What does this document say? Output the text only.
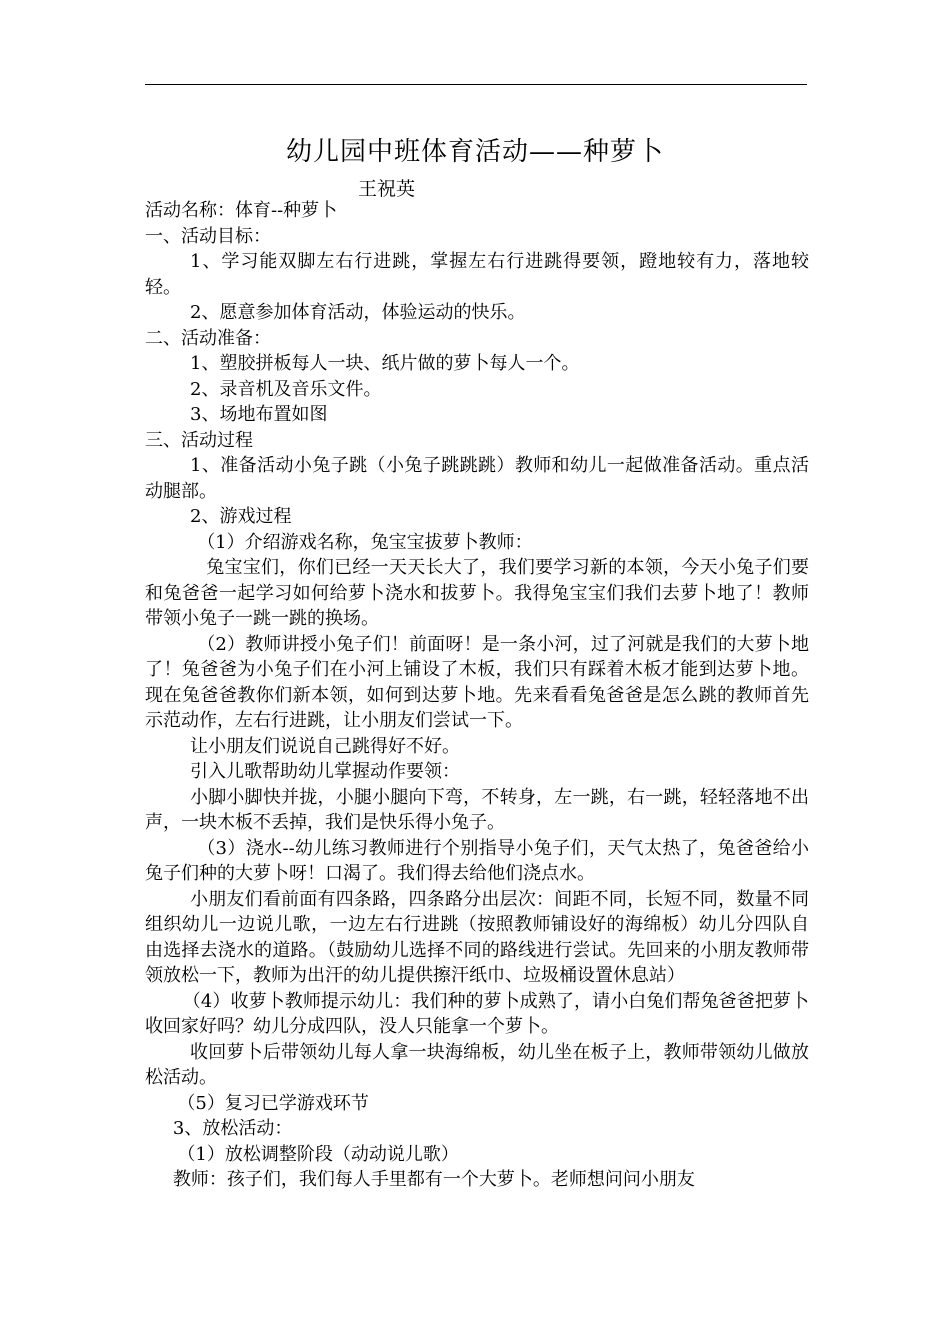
幼儿园中班体育活动——种萝卜
王祝英

活动名称：体育--种萝卜

一、活动目标：

1、学习能双脚左右行进跳，掌握左右行进跳得要领，蹬地较有力，落地较轻。

2、愿意参加体育活动，体验运动的快乐。

二、活动准备：

1、塑胶拼板每人一块、纸片做的萝卜每人一个。

2、录音机及音乐文件。

3、场地布置如图

三、活动过程

1、准备活动小兔子跳（小兔子跳跳跳）教师和幼儿一起做准备活动。重点活动腿部。

2、游戏过程

（1）介绍游戏名称，兔宝宝拔萝卜教师：

兔宝宝们，你们已经一天天长大了，我们要学习新的本领，今天小兔子们要和兔爸爸一起学习如何给萝卜浇水和拔萝卜。我得兔宝宝们我们去萝卜地了！教师带领小兔子一跳一跳的换场。

（2）教师讲授小兔子们！前面呀！是一条小河，过了河就是我们的大萝卜地了！兔爸爸为小兔子们在小河上铺设了木板，我们只有踩着木板才能到达萝卜地。现在兔爸爸教你们新本领，如何到达萝卜地。先来看看兔爸爸是怎么跳的教师首先示范动作，左右行进跳，让小朋友们尝试一下。

让小朋友们说说自己跳得好不好。

引入儿歌帮助幼儿掌握动作要领：

小脚小脚快并拢，小腿小腿向下弯，不转身，左一跳，右一跳，轻轻落地不出声，一块木板不丢掉，我们是快乐得小兔子。

（3）浇水--幼儿练习教师进行个别指导小兔子们，天气太热了，兔爸爸给小兔子们种的大萝卜呀！口渴了。我们得去给他们浇点水。

小朋友们看前面有四条路，四条路分出层次：间距不同，长短不同，数量不同组织幼儿一边说儿歌，一边左右行进跳（按照教师铺设好的海绵板）幼儿分四队自由选择去浇水的道路。（鼓励幼儿选择不同的路线进行尝试。先回来的小朋友教师带领放松一下，教师为出汗的幼儿提供擦汗纸巾、垃圾桶设置休息站）

（4）收萝卜教师提示幼儿：我们种的萝卜成熟了，请小白兔们帮兔爸爸把萝卜收回家好吗？幼儿分成四队，没人只能拿一个萝卜。

收回萝卜后带领幼儿每人拿一块海绵板，幼儿坐在板子上，教师带领幼儿做放松活动。

（5）复习已学游戏环节

3、放松活动：

（1）放松调整阶段（动动说儿歌）

教师：孩子们，我们每人手里都有一个大萝卜。老师想问问小朋友
